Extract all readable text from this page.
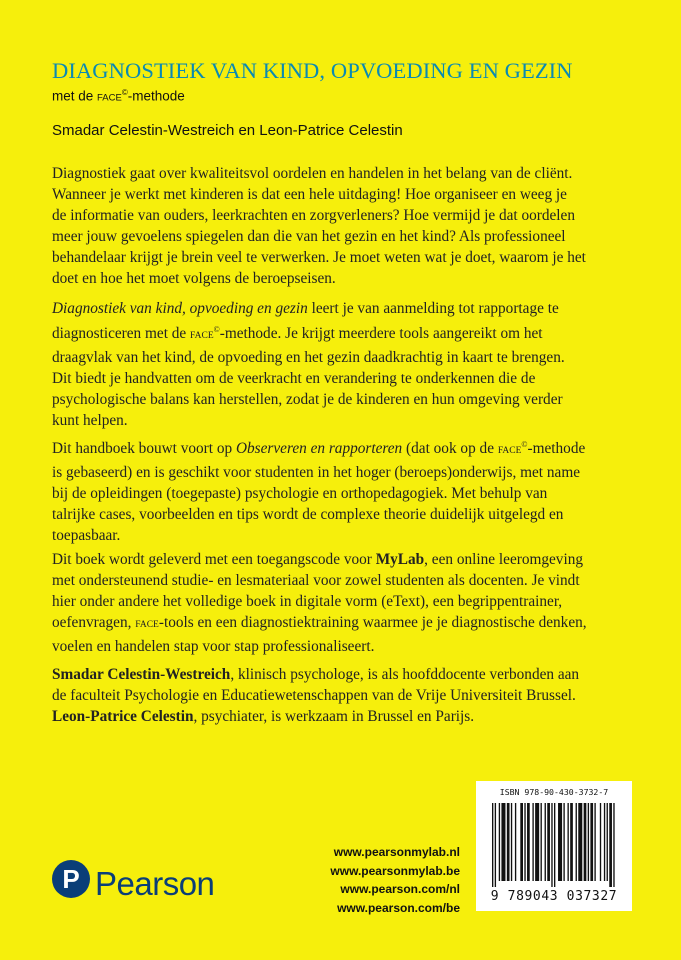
DIAGNOSTIEK VAN KIND, OPVOEDING EN GEZIN
met de FACE©-methode
Smadar Celestin-Westreich en Leon-Patrice Celestin
Diagnostiek gaat over kwaliteitsvol oordelen en handelen in het belang van de cliënt.
Wanneer je werkt met kinderen is dat een hele uitdaging! Hoe organiseer en weeg je
de informatie van ouders, leerkrachten en zorgverleners? Hoe vermijd je dat oordelen
meer jouw gevoelens spiegelen dan die van het gezin en het kind? Als professioneel
behandelaar krijgt je brein veel te verwerken. Je moet weten wat je doet, waarom je het
doet en hoe het moet volgens de beroepseisen.
Diagnostiek van kind, opvoeding en gezin leert je van aanmelding tot rapportage te
diagnosticeren met de FACE©-methode. Je krijgt meerdere tools aangereikt om het
draagvlak van het kind, de opvoeding en het gezin daadkrachtig in kaart te brengen.
Dit biedt je handvatten om de veerkracht en verandering te onderkennen die de
psychologische balans kan herstellen, zodat je de kinderen en hun omgeving verder
kunt helpen.
Dit handboek bouwt voort op Observeren en rapporteren (dat ook op de FACE©-methode
is gebaseerd) en is geschikt voor studenten in het hoger (beroeps)onderwijs, met name
bij de opleidingen (toegepaste) psychologie en orthopedagogiek. Met behulp van
talrijke cases, voorbeelden en tips wordt de complexe theorie duidelijk uitgelegd en
toepasbaar.
Dit boek wordt geleverd met een toegangscode voor MyLab, een online leeromgeving
met ondersteunend studie- en lesmateriaal voor zowel studenten als docenten. Je vindt
hier onder andere het volledige boek in digitale vorm (eText), een begrippentrainer,
oefenvragen, FACE-tools en een diagnostiektraining waarmee je je diagnostische denken,
voelen en handelen stap voor stap professionaliseert.
Smadar Celestin-Westreich, klinisch psychologe, is als hoofddocente verbonden aan
de faculteit Psychologie en Educatiewetenschappen van de Vrije Universiteit Brussel.
Leon-Patrice Celestin, psychiater, is werkzaam in Brussel en Parijs.
ISBN 978-90-430-3732-7
9 789043 037327
www.pearsonmylab.nl
www.pearsonmylab.be
www.pearson.com/nl
www.pearson.com/be
P Pearson
